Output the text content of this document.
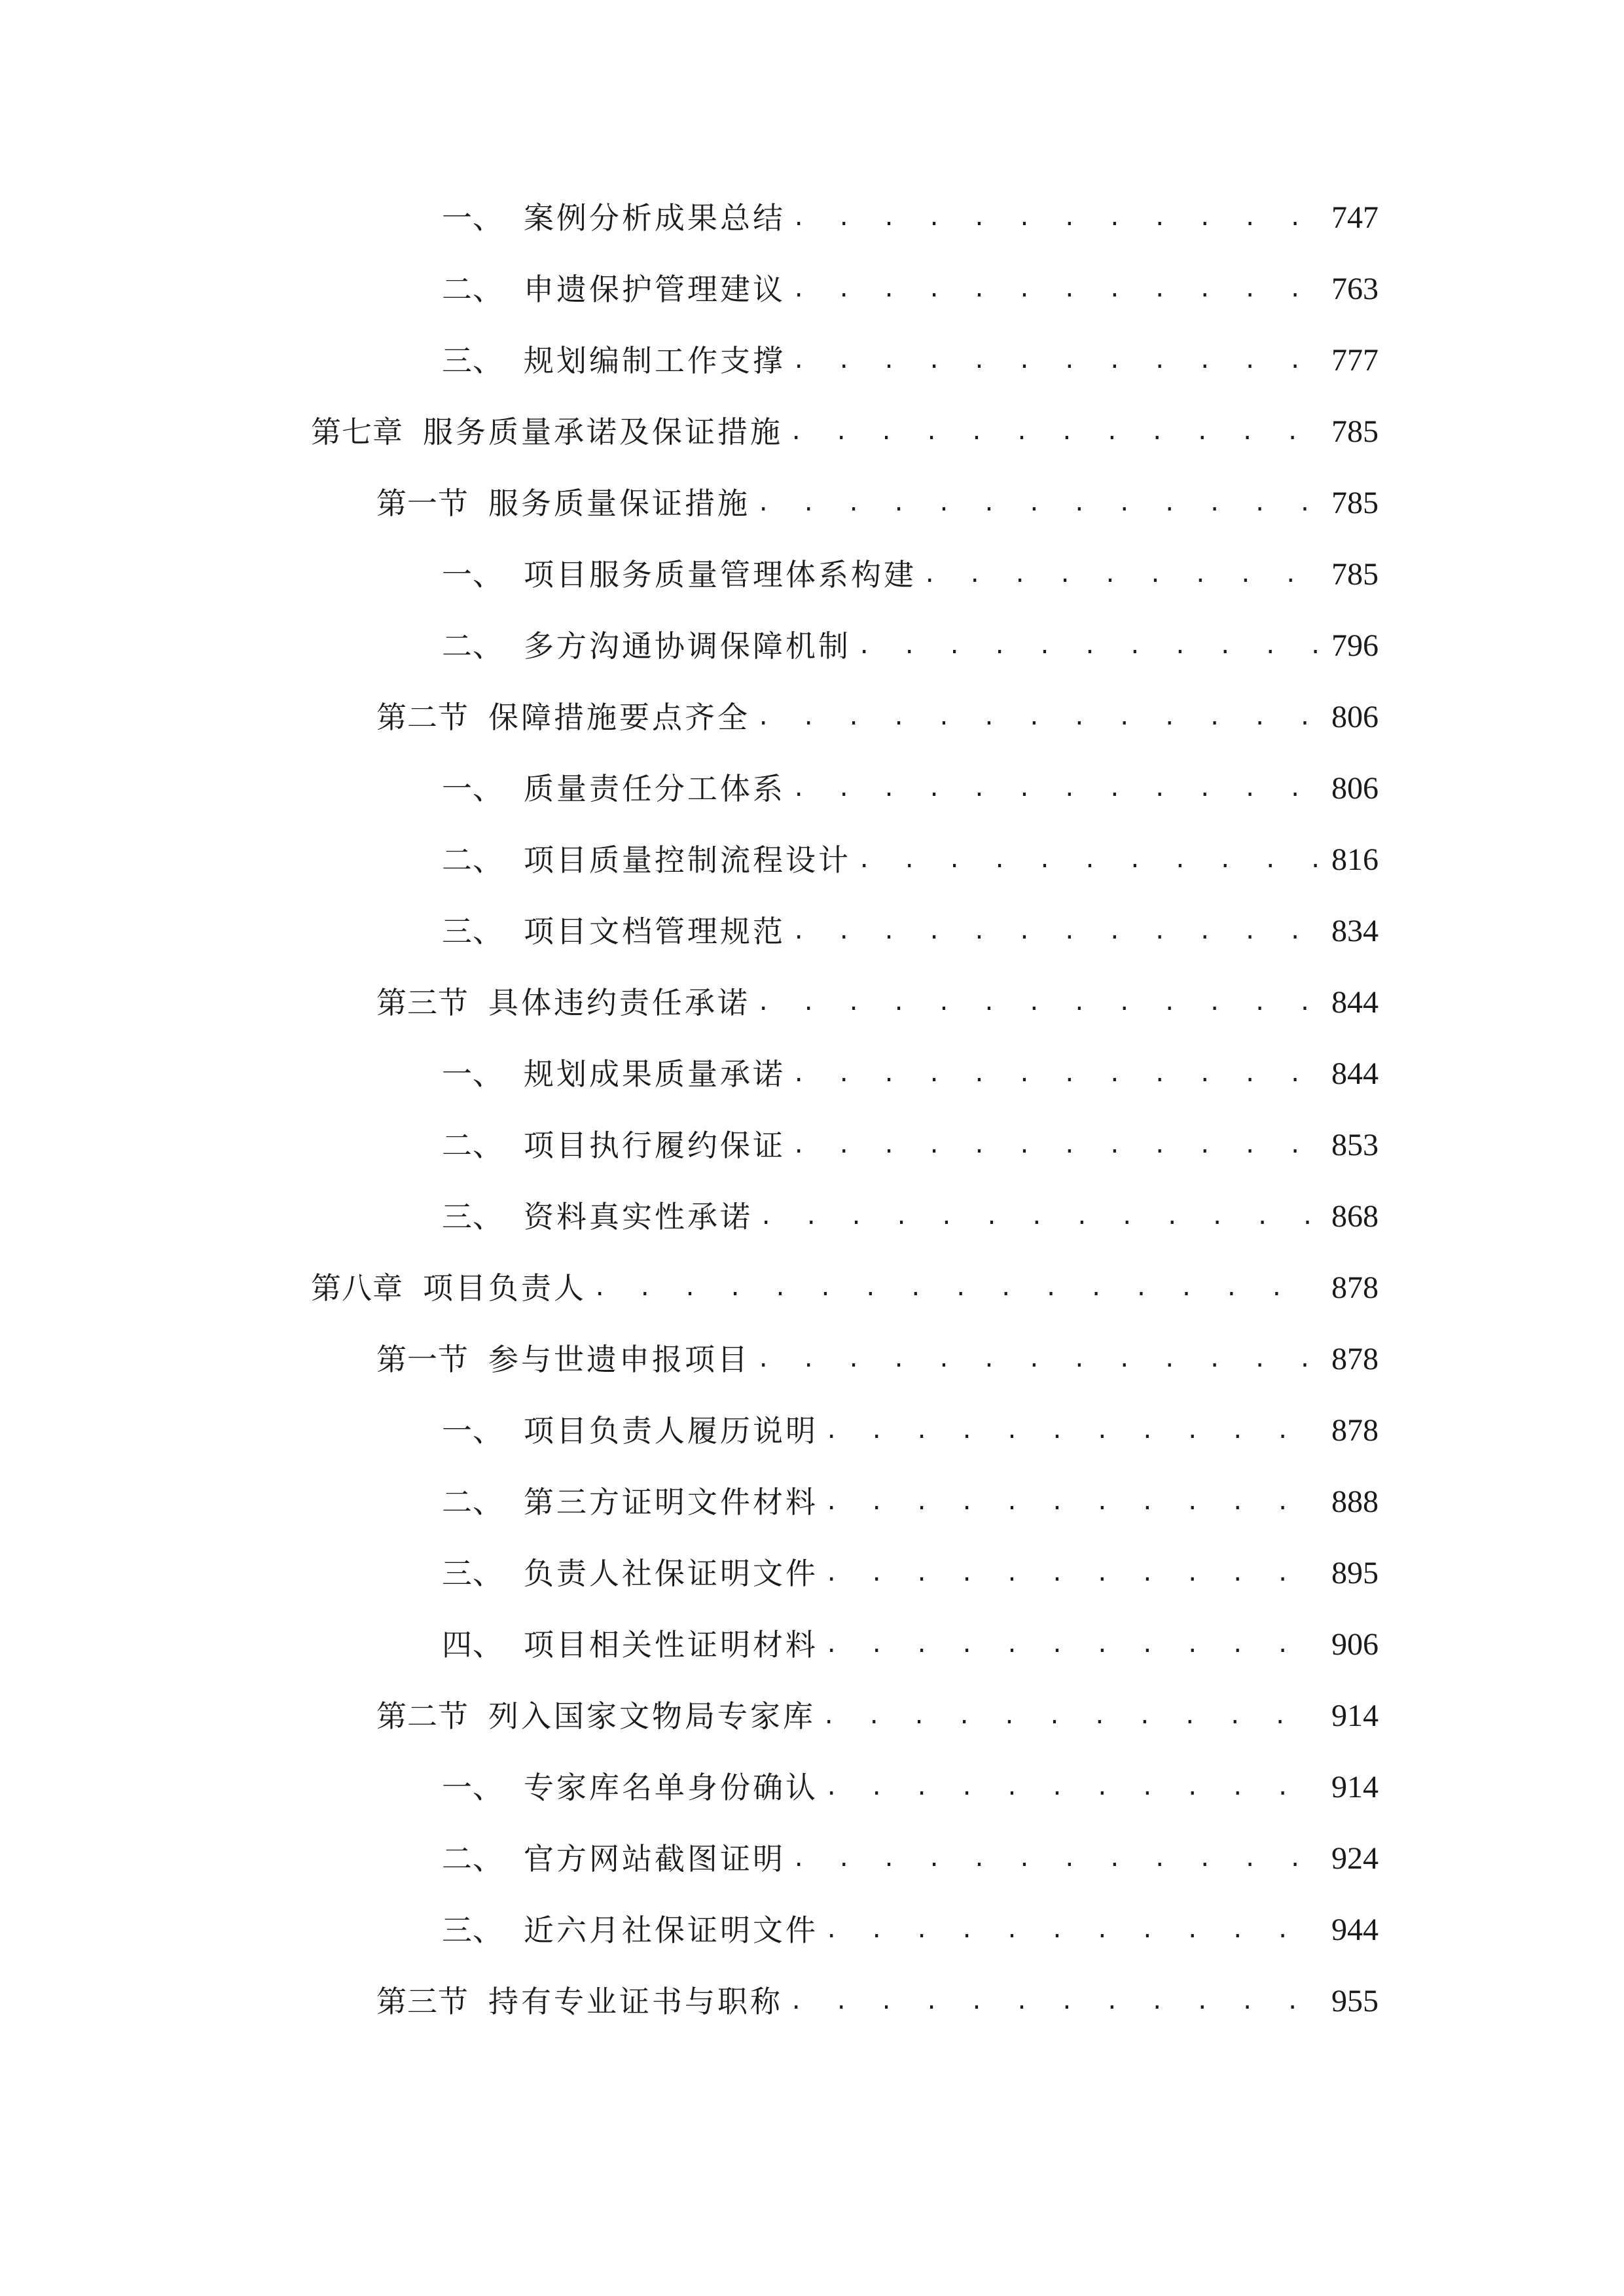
一、 案例分析成果总结 . . .	747
二、 申遗保护管理建议 . . .	763
三、 规划编制工作支撑 . . .	777
第七章 服务质量承诺及保证措施 . . .	785
第一节 服务质量保证措施 . . .	785
一、 项目服务质量管理体系构建 . . .	785
二、 多方沟通协调保障机制 . . .	796
第二节 保障措施要点齐全 . . .	806
一、 质量责任分工体系 . . .	806
二、 项目质量控制流程设计 . . .	816
三、 项目文档管理规范 . . .	834
第三节 具体违约责任承诺 . . .	844
一、 规划成果质量承诺 . . .	844
二、 项目执行履约保证 . . .	853
三、 资料真实性承诺 . . .	868
第八章 项目负责人 . . .	878
第一节 参与世遗申报项目 . . .	878
一、 项目负责人履历说明 . . .	878
二、 第三方证明文件材料 . . .	888
三、 负责人社保证明文件 . . .	895
四、 项目相关性证明材料 . . .	906
第二节 列入国家文物局专家库 . . .	914
一、 专家库名单身份确认 . . .	914
二、 官方网站截图证明 . . .	924
三、 近六月社保证明文件 . . .	944
第三节 持有专业证书与职称 . . .	955
